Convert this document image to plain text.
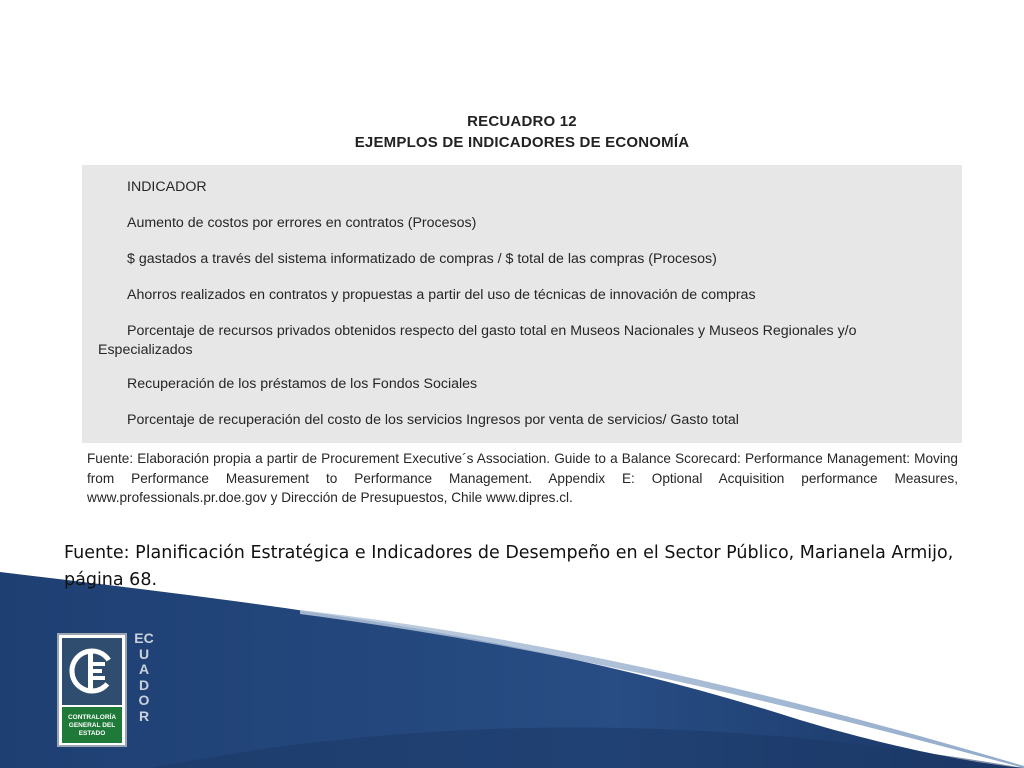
RECUADRO 12
EJEMPLOS DE INDICADORES DE ECONOMÍA
INDICADOR
Aumento de costos por errores en contratos (Procesos)
$ gastados a través del sistema informatizado de compras / $ total de las compras (Procesos)
Ahorros realizados en contratos y propuestas a partir del uso de técnicas de innovación de compras
Porcentaje de recursos privados obtenidos respecto del gasto total en Museos Nacionales y Museos Regionales y/o Especializados
Recuperación de los préstamos de los Fondos Sociales
Porcentaje de recuperación del costo de los servicios Ingresos por venta de servicios/ Gasto total
Fuente: Elaboración propia a partir de Procurement Executive´s Association. Guide to a Balance Scorecard: Performance Management: Moving from Performance Measurement to Performance Management. Appendix E: Optional Acquisition performance Measures, www.professionals.pr.doe.gov y Dirección de Presupuestos, Chile www.dipres.cl.
Fuente: Planificación Estratégica e Indicadores de Desempeño en el Sector Público, Marianela Armijo, página 68.
CONTRALORÍA GENERAL DEL ESTADO
ECUADOR
